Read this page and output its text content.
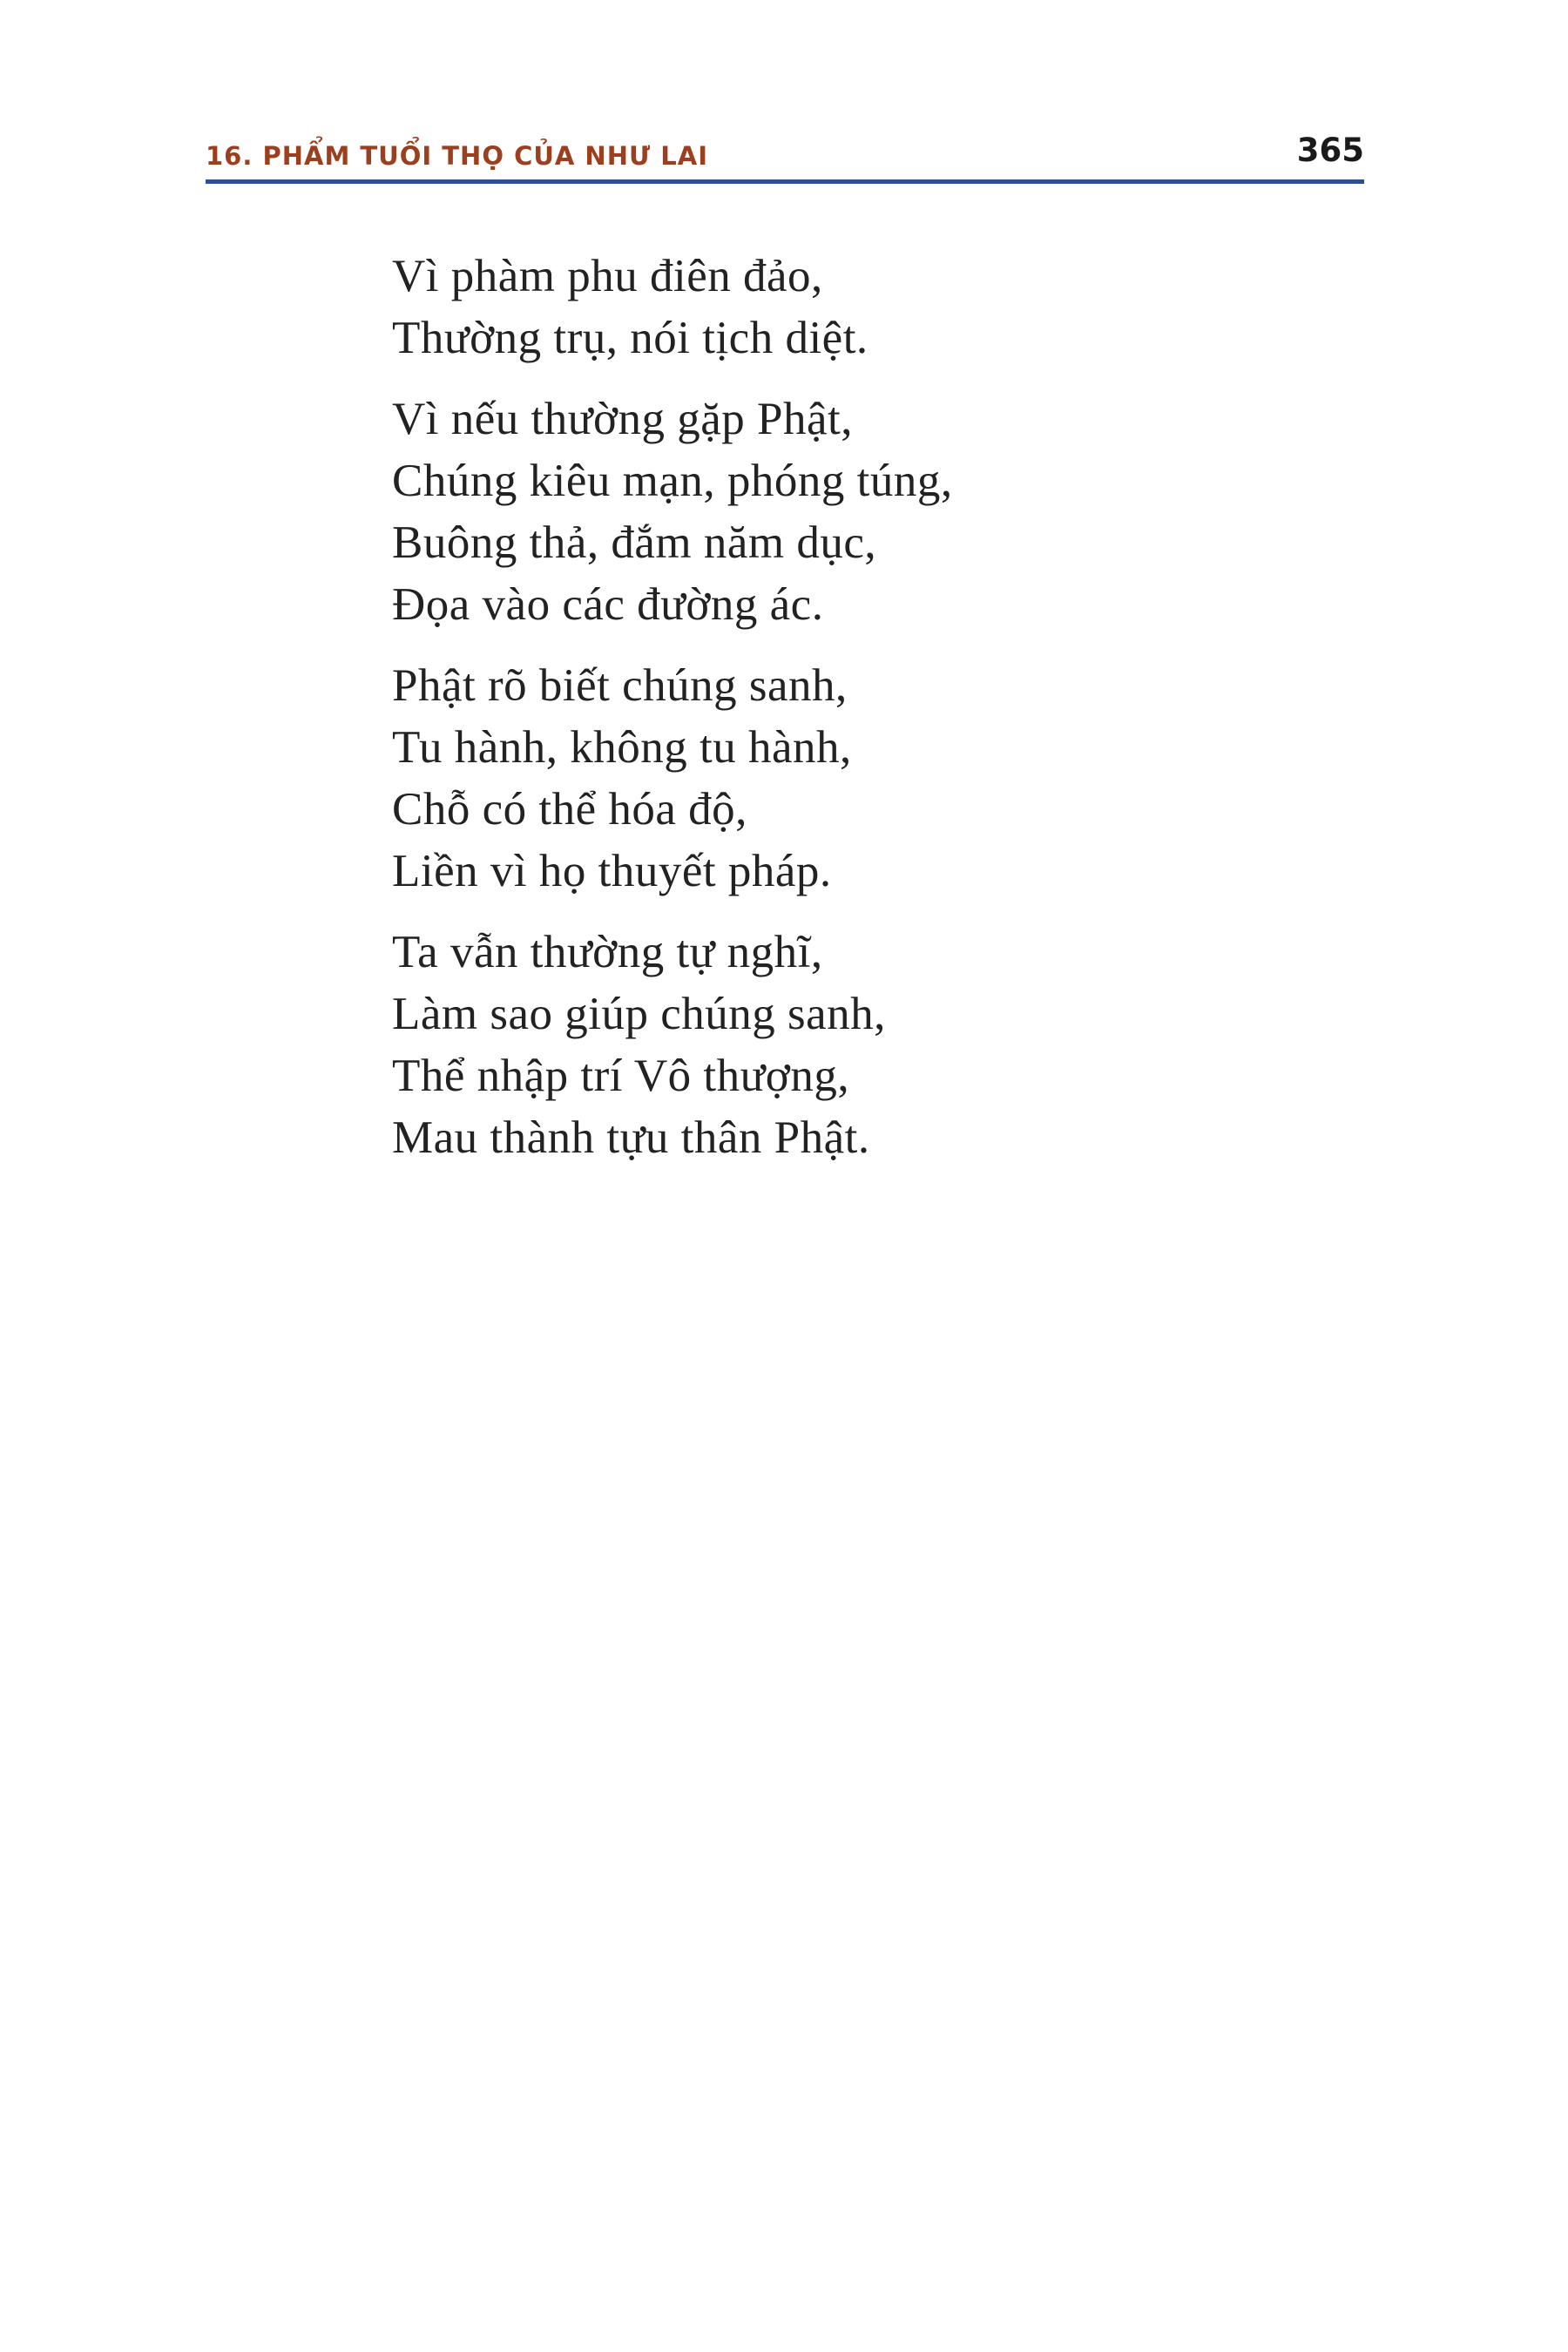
16. PHẨM TUỔI THỌ CỦA NHƯ LAI	365
Vì phàm phu điên đảo,
Thường trụ, nói tịch diệt.
Vì nếu thường gặp Phật,
Chúng kiêu mạn, phóng túng,
Buông thả, đắm năm dục,
Đọa vào các đường ác.
Phật rõ biết chúng sanh,
Tu hành, không tu hành,
Chỗ có thể hóa độ,
Liền vì họ thuyết pháp.
Ta vẫn thường tự nghĩ,
Làm sao giúp chúng sanh,
Thể nhập trí Vô thượng,
Mau thành tựu thân Phật.
